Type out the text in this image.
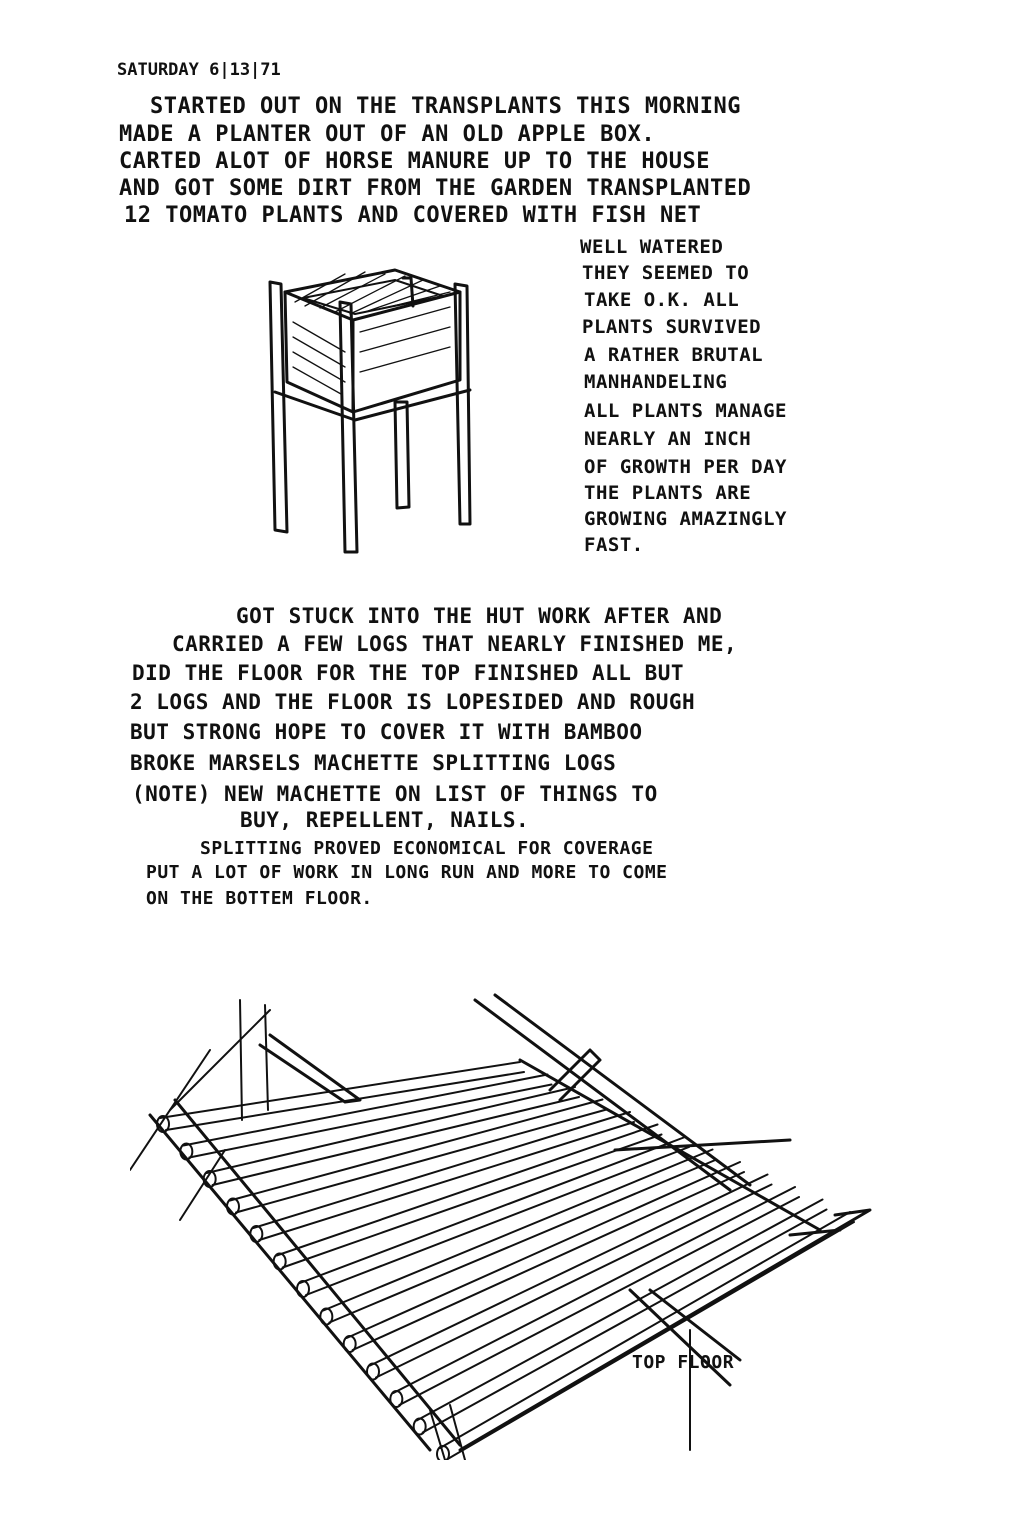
SATURDAY 6|13|71
STARTED OUT ON THE TRANSPLANTS THIS MORNING
MADE A PLANTER OUT OF AN OLD APPLE BOX.
CARTED ALOT OF HORSE MANURE UP TO THE HOUSE
AND GOT SOME DIRT FROM THE GARDEN TRANSPLANTED
12 TOMATO PLANTS AND COVERED WITH FISH NET
WELL WATERED
THEY SEEMED TO
TAKE O.K. ALL
PLANTS SURVIVED
A RATHER BRUTAL
MANHANDELING
ALL PLANTS MANAGE
NEARLY AN INCH
OF GROWTH PER DAY
THE PLANTS ARE
GROWING AMAZINGLY
FAST.
GOT STUCK INTO THE HUT WORK AFTER AND
CARRIED A FEW LOGS THAT NEARLY FINISHED ME,
DID THE FLOOR FOR THE TOP FINISHED ALL BUT
2 LOGS AND THE FLOOR IS LOPESIDED AND ROUGH
BUT STRONG HOPE TO COVER IT WITH BAMBOO
BROKE MARSELS MACHETTE SPLITTING LOGS
(NOTE) NEW MACHETTE ON LIST OF THINGS TO
BUY, REPELLENT, NAILS.
SPLITTING PROVED ECONOMICAL FOR COVERAGE
PUT A LOT OF WORK IN LONG RUN AND MORE TO COME
ON THE BOTTEM FLOOR.
TOP FLOOR
